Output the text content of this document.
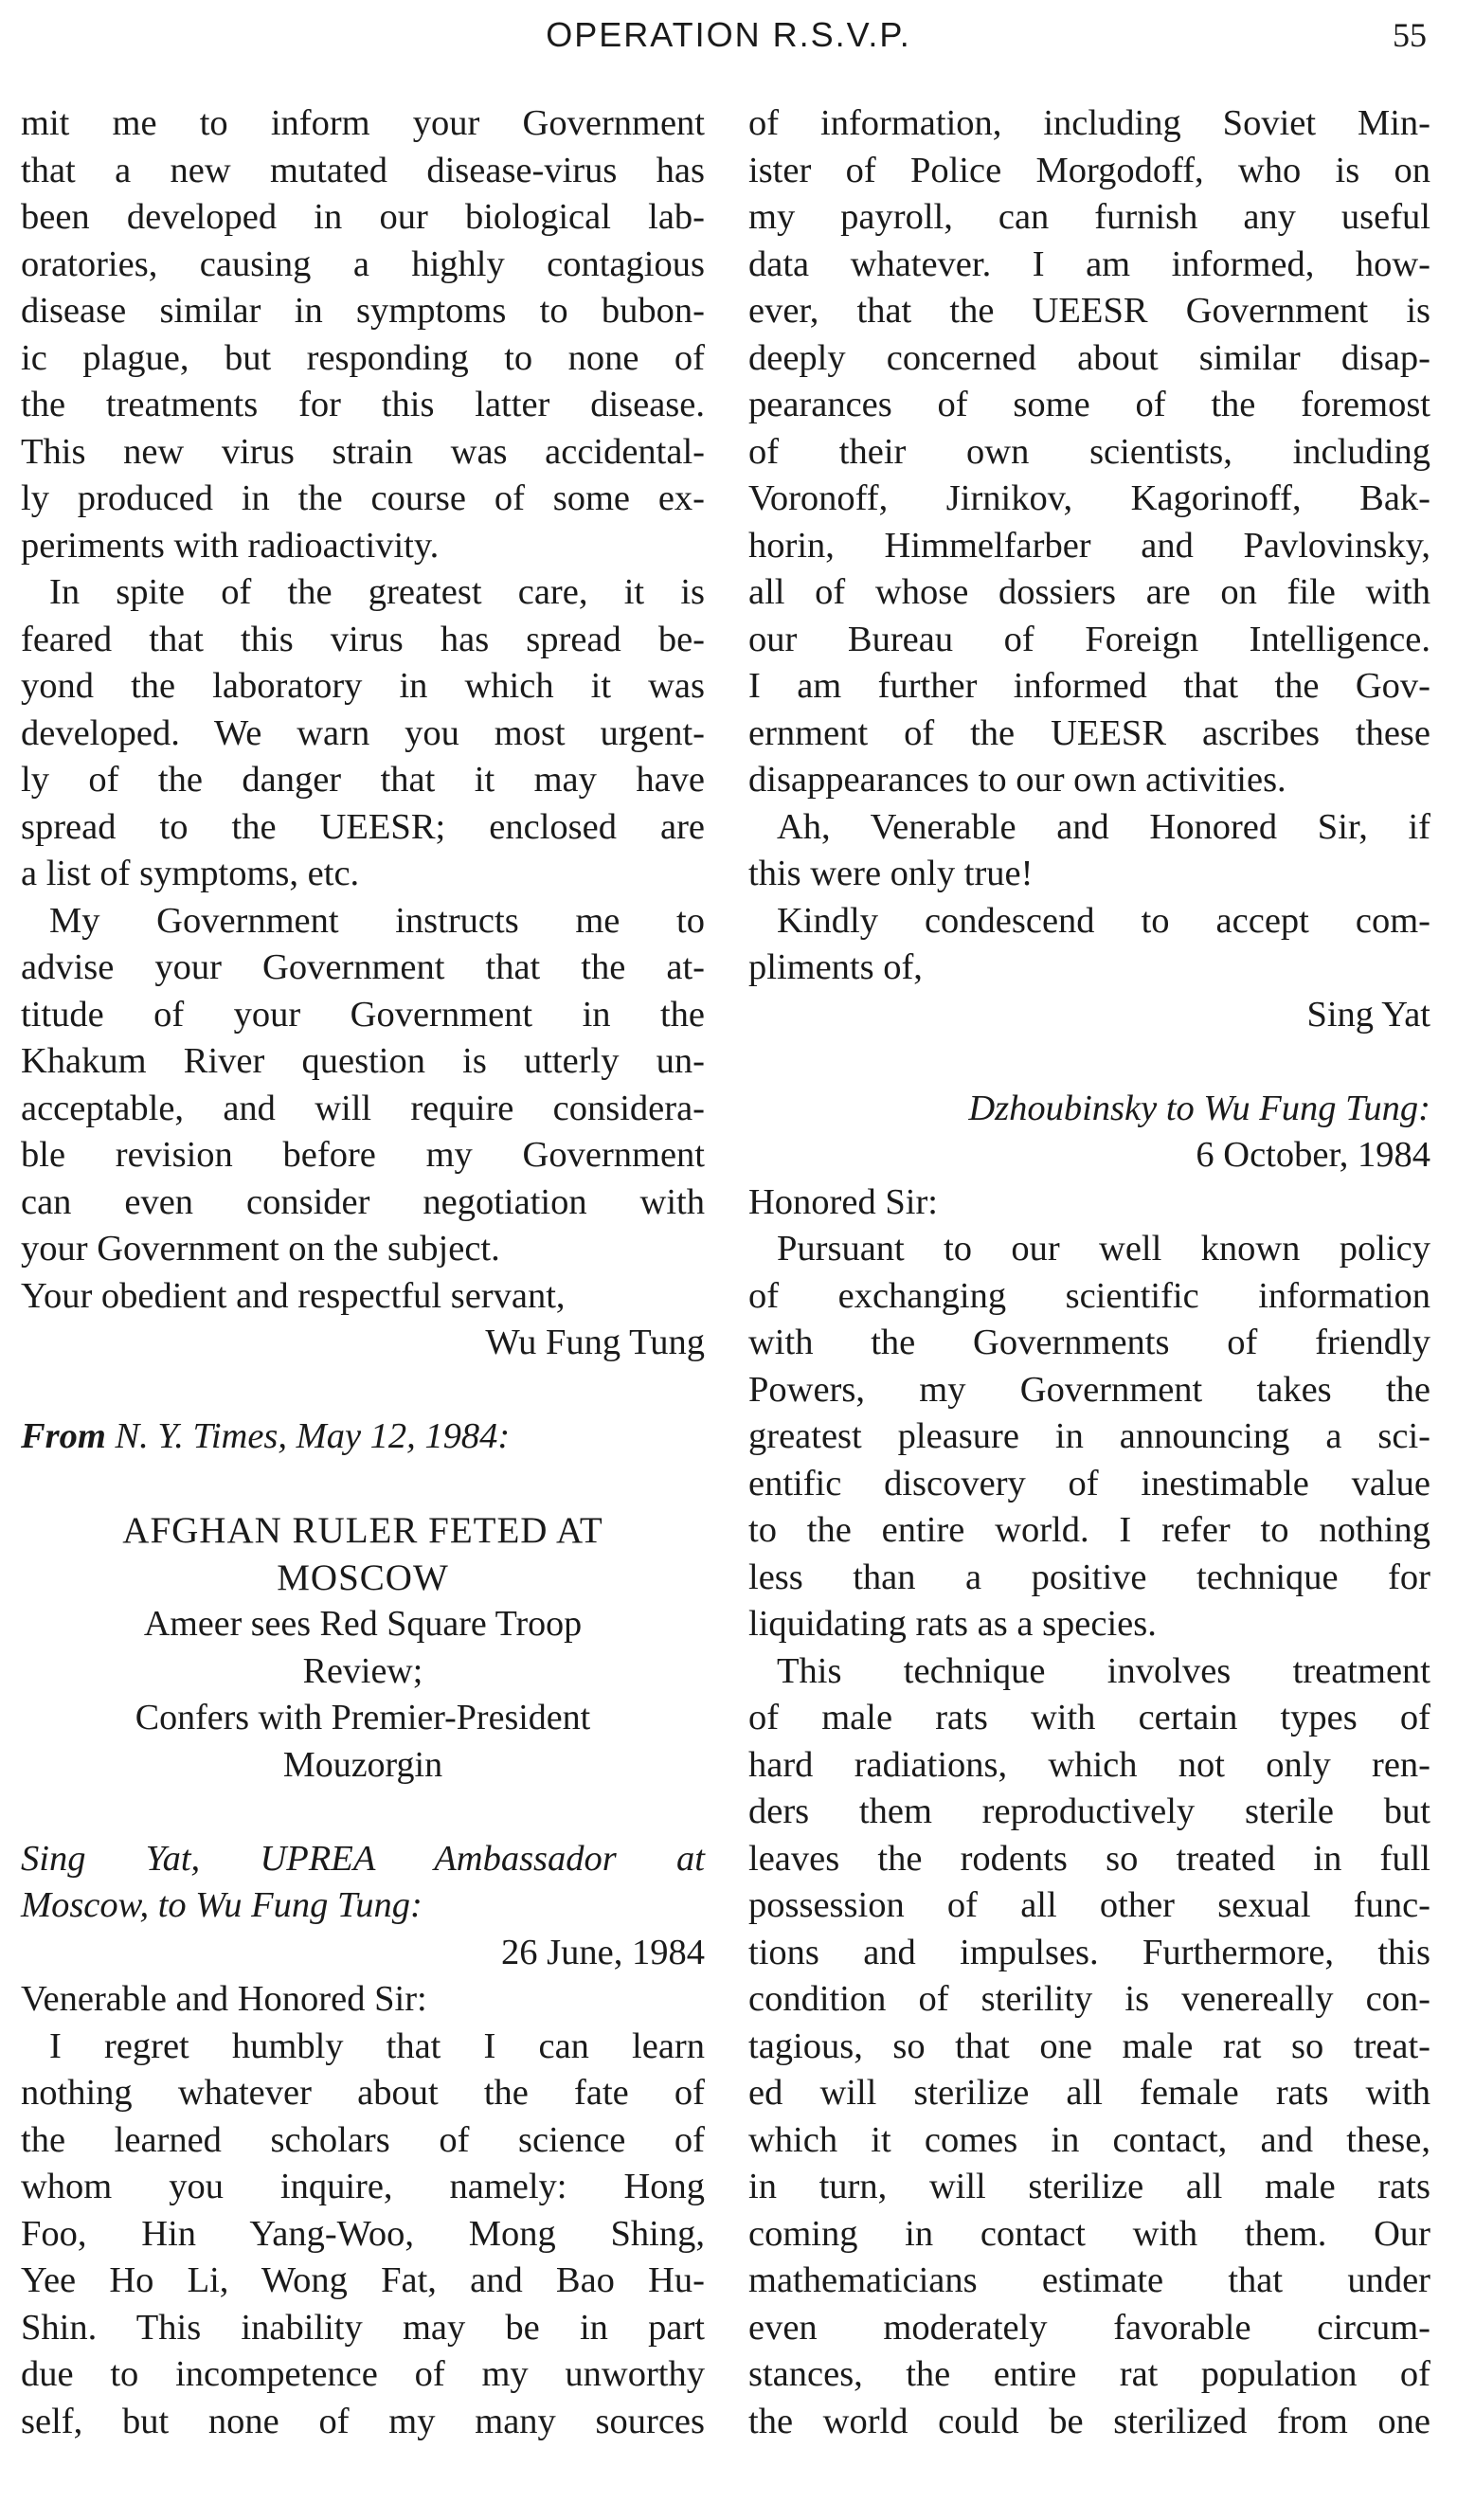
OPERATION R.S.V.P.	55
mit me to inform your Government
that a new mutated disease-virus has
been developed in our biological lab-
oratories, causing a highly contagious
disease similar in symptoms to bubon-
ic plague, but responding to none of
the treatments for this latter disease.
This new virus strain was accidental-
ly produced in the course of some ex-
periments with radioactivity.
In spite of the greatest care, it is
feared that this virus has spread be-
yond the laboratory in which it was
developed. We warn you most urgent-
ly of the danger that it may have
spread to the UEESR; enclosed are
a list of symptoms, etc.
My Government instructs me to
advise your Government that the at-
titude of your Government in the
Khakum River question is utterly un-
acceptable, and will require considera-
ble revision before my Government
can even consider negotiation with
your Government on the subject.
Your obedient and respectful servant,
Wu Fung Tung
From N. Y. Times, May 12, 1984:
AFGHAN RULER FETED AT
MOSCOW
Ameer sees Red Square Troop
Review;
Confers with Premier-President
Mouzorgin
Sing Yat, UPREA Ambassador at
Moscow, to Wu Fung Tung:
26 June, 1984
Venerable and Honored Sir:
I regret humbly that I can learn
nothing whatever about the fate of
the learned scholars of science of
whom you inquire, namely: Hong
Foo, Hin Yang-Woo, Mong Shing,
Yee Ho Li, Wong Fat, and Bao Hu-
Shin. This inability may be in part
due to incompetence of my unworthy
self, but none of my many sources
of information, including Soviet Min-
ister of Police Morgodoff, who is on
my payroll, can furnish any useful
data whatever. I am informed, how-
ever, that the UEESR Government is
deeply concerned about similar disap-
pearances of some of the foremost
of their own scientists, including
Voronoff, Jirnikov, Kagorinoff, Bak-
horin, Himmelfarber and Pavlovinsky,
all of whose dossiers are on file with
our Bureau of Foreign Intelligence.
I am further informed that the Gov-
ernment of the UEESR ascribes these
disappearances to our own activities.
Ah, Venerable and Honored Sir, if
this were only true!
Kindly condescend to accept com-
pliments of,
Sing Yat
Dzhoubinsky to Wu Fung Tung:
6 October, 1984
Honored Sir:
Pursuant to our well known policy
of exchanging scientific information
with the Governments of friendly
Powers, my Government takes the
greatest pleasure in announcing a sci-
entific discovery of inestimable value
to the entire world. I refer to nothing
less than a positive technique for
liquidating rats as a species.
This technique involves treatment
of male rats with certain types of
hard radiations, which not only ren-
ders them reproductively sterile but
leaves the rodents so treated in full
possession of all other sexual func-
tions and impulses. Furthermore, this
condition of sterility is venereally con-
tagious, so that one male rat so treat-
ed will sterilize all female rats with
which it comes in contact, and these,
in turn, will sterilize all male rats
coming in contact with them. Our
mathematicians estimate that under
even moderately favorable circum-
stances, the entire rat population of
the world could be sterilized from one
